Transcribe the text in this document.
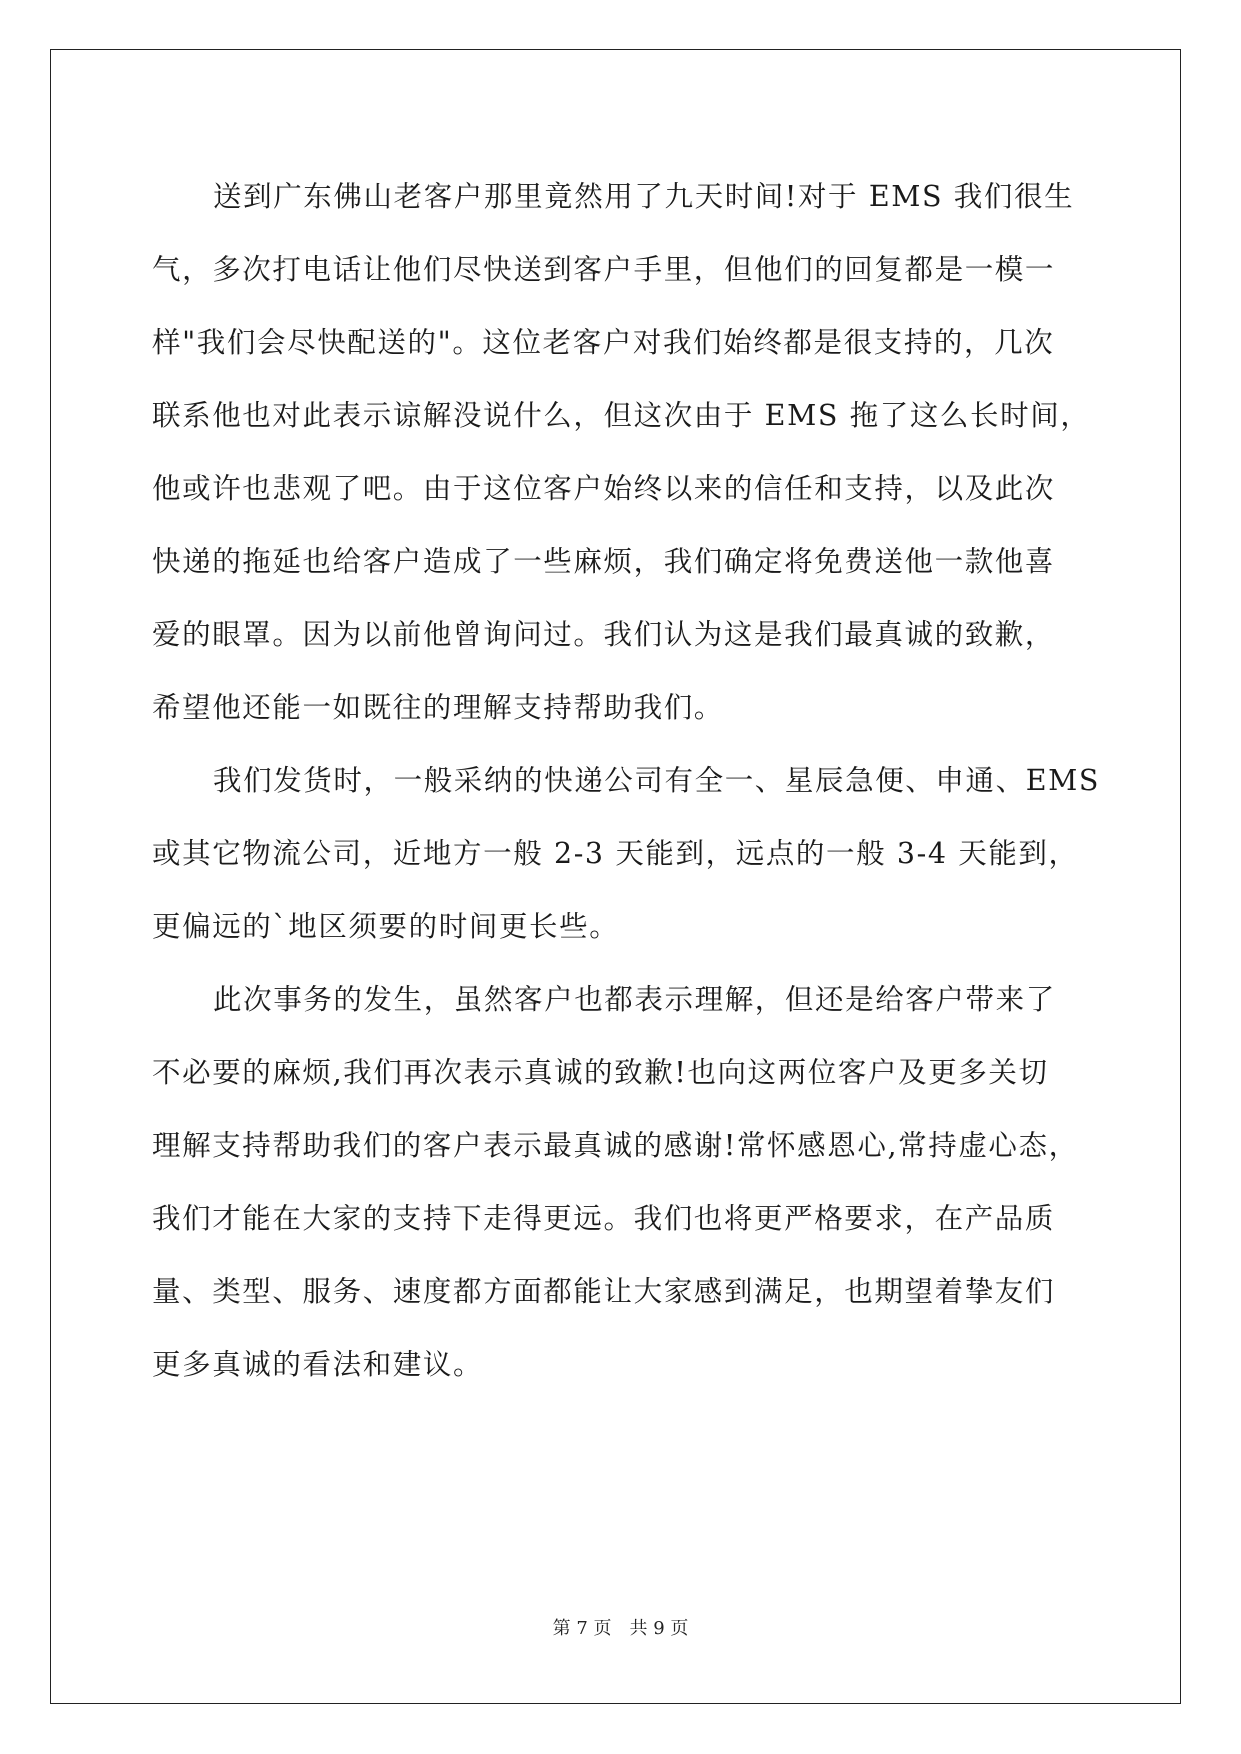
送到广东佛山老客户那里竟然用了九天时间!对于 EMS 我们很生
气，多次打电话让他们尽快送到客户手里，但他们的回复都是一模一
样"我们会尽快配送的"。这位老客户对我们始终都是很支持的，几次
联系他也对此表示谅解没说什么，但这次由于 EMS 拖了这么长时间，
他或许也悲观了吧。由于这位客户始终以来的信任和支持，以及此次
快递的拖延也给客户造成了一些麻烦，我们确定将免费送他一款他喜
爱的眼罩。因为以前他曾询问过。我们认为这是我们最真诚的致歉，
希望他还能一如既往的理解支持帮助我们。
我们发货时，一般采纳的快递公司有全一、星辰急便、申通、EMS
或其它物流公司，近地方一般 2-3 天能到，远点的一般 3-4 天能到，
更偏远的`地区须要的时间更长些。
此次事务的发生，虽然客户也都表示理解，但还是给客户带来了
不必要的麻烦,我们再次表示真诚的致歉!也向这两位客户及更多关切
理解支持帮助我们的客户表示最真诚的感谢!常怀感恩心,常持虚心态，
我们才能在大家的支持下走得更远。我们也将更严格要求，在产品质
量、类型、服务、速度都方面都能让大家感到满足，也期望着挚友们
更多真诚的看法和建议。
第 7 页　共 9 页
